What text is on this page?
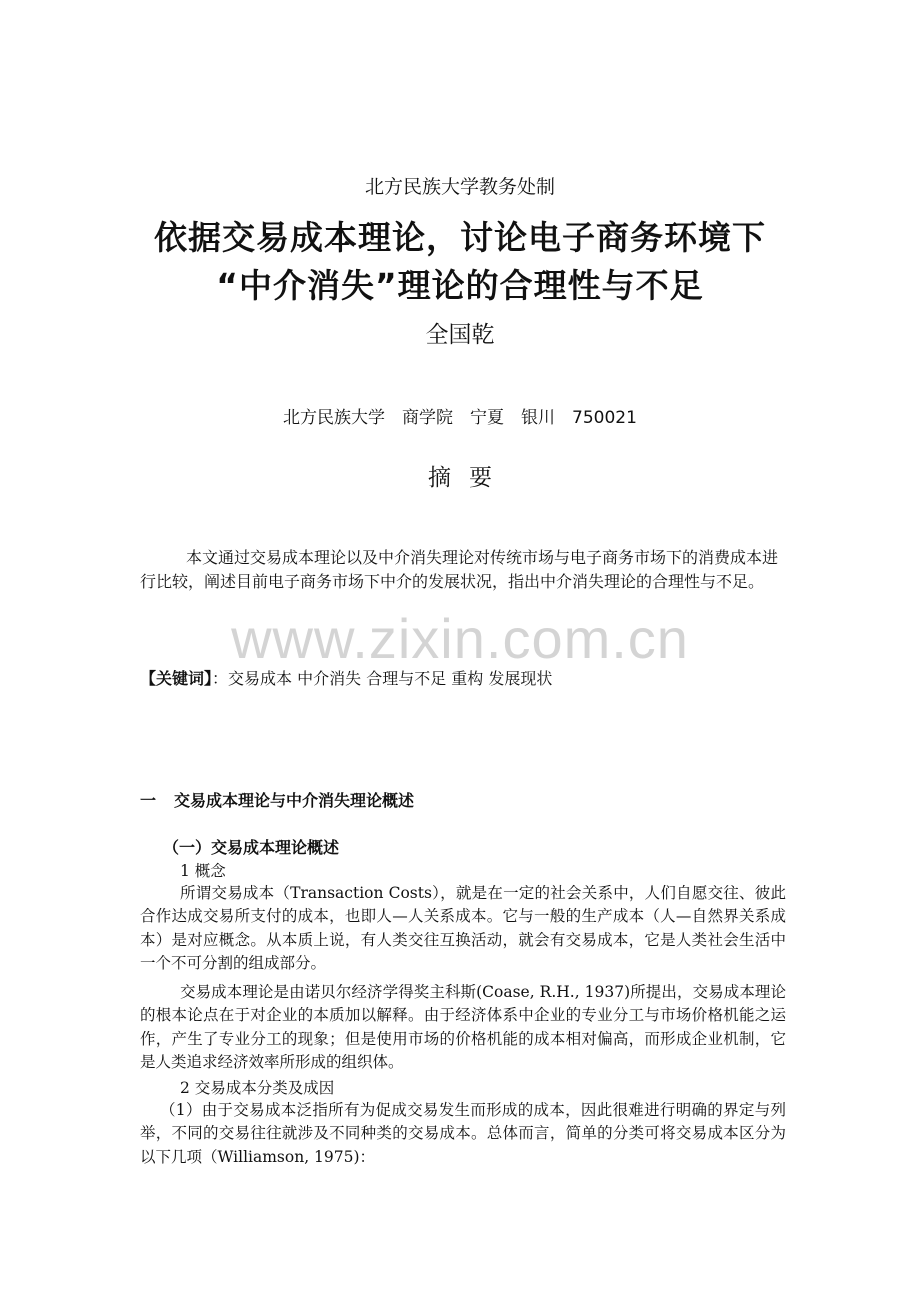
北方民族大学教务处制
依据交易成本理论，讨论电子商务环境下
“中介消失”理论的合理性与不足
全国乾
北方民族大学　商学院　宁夏　银川　750021
摘要
本文通过交易成本理论以及中介消失理论对传统市场与电子商务市场下的消费成本进行比较，阐述目前电子商务市场下中介的发展状况，指出中介消失理论的合理性与不足。
www.zixin.com.cn
【关键词】：交易成本 中介消失 合理与不足 重构 发展现状
一 交易成本理论与中介消失理论概述
（一）交易成本理论概述
1 概念

所谓交易成本（Transaction Costs），就是在一定的社会关系中，人们自愿交往、彼此合作达成交易所支付的成本，也即人—人关系成本。它与一般的生产成本（人—自然界关系成本）是对应概念。从本质上说，有人类交往互换活动，就会有交易成本，它是人类社会生活中一个不可分割的组成部分。

交易成本理论是由诺贝尔经济学得奖主科斯(Coase, R.H., 1937)所提出，交易成本理论的根本论点在于对企业的本质加以解释。由于经济体系中企业的专业分工与市场价格机能之运作，产生了专业分工的现象；但是使用市场的价格机能的成本相对偏高，而形成企业机制，它是人类追求经济效率所形成的组织体。

2 交易成本分类及成因

（1）由于交易成本泛指所有为促成交易发生而形成的成本，因此很难进行明确的界定与列举，不同的交易往往就涉及不同种类的交易成本。总体而言，简单的分类可将交易成本区分为以下几项（Williamson, 1975)：
